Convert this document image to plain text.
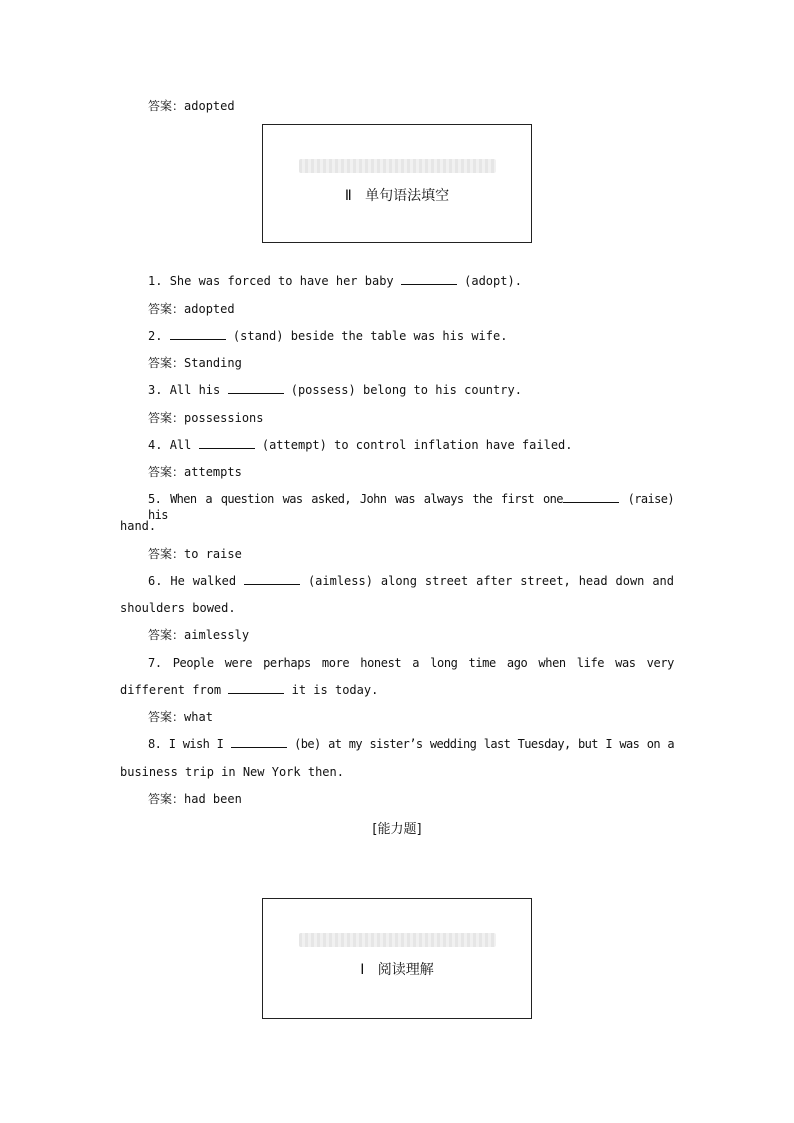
答案：adopted
Ⅱ 单句语法填空
1. She was forced to have her baby	(adopt).
答案：adopted
2.	(stand) beside the table was his wife.
答案：Standing
3. All his	(possess) belong to his country.
答案：possessions
4. All	(attempt) to control inflation have failed.
答案：attempts
5. When a question was asked, John was always the first one	(raise) his
hand.
答案：to raise
6. He walked	(aimless) along street after street, head down and
shoulders bowed.
答案：aimlessly
7. People were perhaps more honest a long time ago when life was very
different from	it is today.
答案：what
8. I wish I	(be) at my sister’s wedding last Tuesday, but I was on a
business trip in New York then.
答案：had been
[能力题]
Ⅰ 阅读理解
